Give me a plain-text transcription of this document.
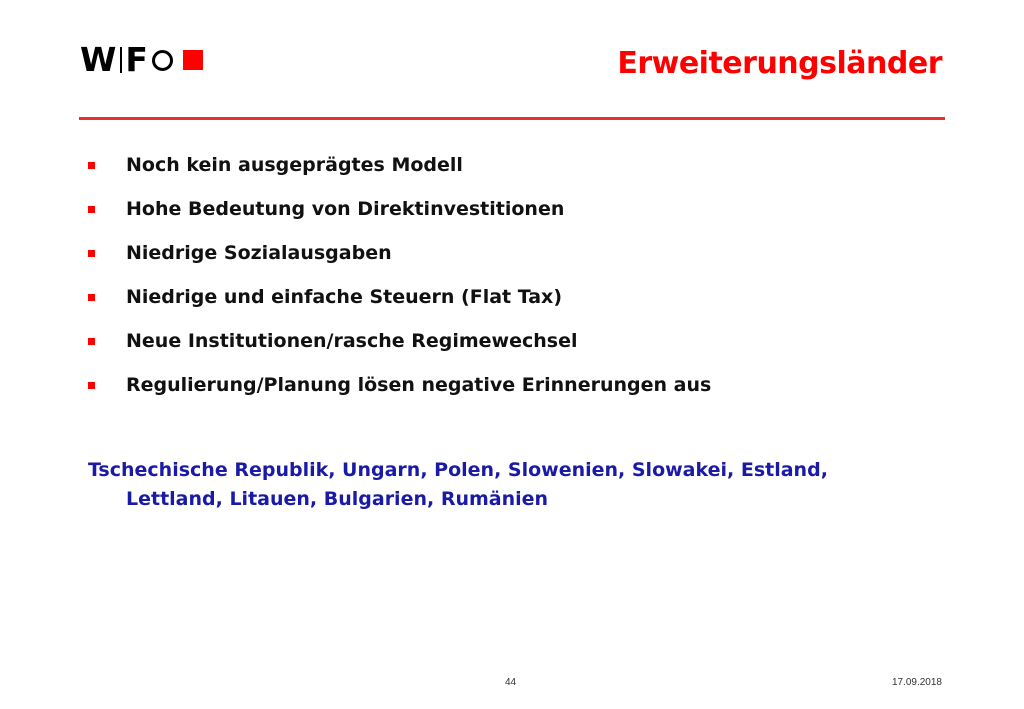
W F	Erweiterungsländer
Noch kein ausgeprägtes Modell
Hohe Bedeutung von Direktinvestitionen
Niedrige Sozialausgaben
Niedrige und einfache Steuern (Flat Tax)
Neue Institutionen/rasche Regimewechsel
Regulierung/Planung lösen negative Erinnerungen aus
Tschechische Republik, Ungarn, Polen, Slowenien, Slowakei, Estland,
Lettland, Litauen, Bulgarien, Rumänien
44	17.09.2018
